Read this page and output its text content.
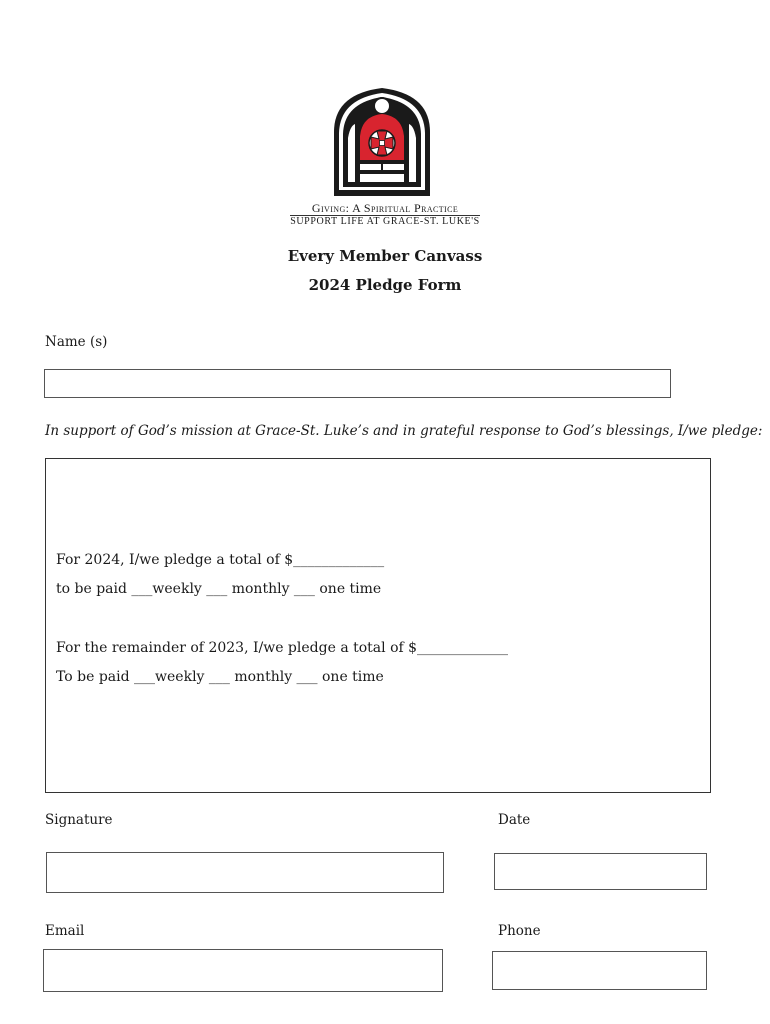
Giving: A Spiritual Practice
SUPPORT LIFE AT GRACE-ST. LUKE'S
Every Member Canvass
2024 Pledge Form
Name (s)
In support of God’s mission at Grace-St. Luke’s and in grateful response to God’s blessings, I/we pledge:
For 2024, I/we pledge a total of $_____________
to be paid ___weekly ___ monthly ___ one time
For the remainder of 2023, I/we pledge a total of $_____________
To be paid ___weekly ___ monthly ___ one time
Signature	Date
Email	Phone
